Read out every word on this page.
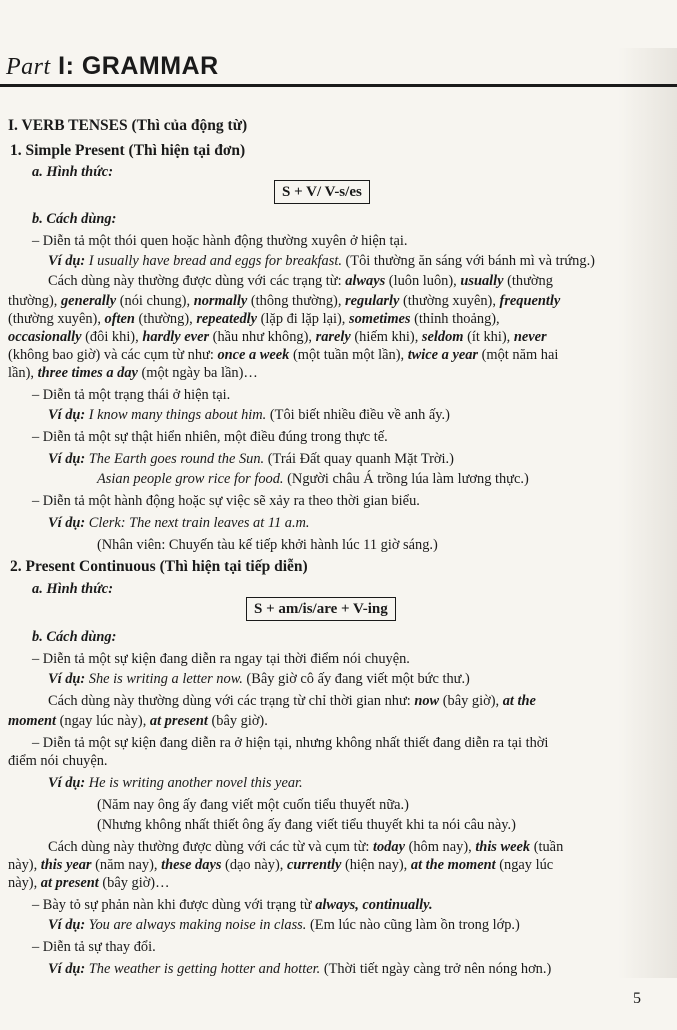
Part I: GRAMMAR
I. VERB TENSES (Thì của động từ)
1. Simple Present (Thì hiện tại đơn)
a. Hình thức:
b. Cách dùng:
– Diễn tả một thói quen hoặc hành động thường xuyên ở hiện tại.
Ví dụ: I usually have bread and eggs for breakfast. (Tôi thường ăn sáng với bánh mì và trứng.)
Cách dùng này thường được dùng với các trạng từ: always (luôn luôn), usually (thường
thường), generally (nói chung), normally (thông thường), regularly (thường xuyên), frequently
(thường xuyên), often (thường), repeatedly (lặp đi lặp lại), sometimes (thỉnh thoảng),
occasionally (đôi khi), hardly ever (hầu như không), rarely (hiếm khi), seldom (ít khi), never
(không bao giờ) và các cụm từ như: once a week (một tuần một lần), twice a year (một năm hai
lần), three times a day (một ngày ba lần)…
– Diễn tả một trạng thái ở hiện tại.
Ví dụ: I know many things about him. (Tôi biết nhiều điều về anh ấy.)
– Diễn tả một sự thật hiển nhiên, một điều đúng trong thực tế.
Ví dụ: The Earth goes round the Sun. (Trái Đất quay quanh Mặt Trời.)
Asian people grow rice for food. (Người châu Á trồng lúa làm lương thực.)
– Diễn tả một hành động hoặc sự việc sẽ xảy ra theo thời gian biểu.
Ví dụ: Clerk: The next train leaves at 11 a.m.
(Nhân viên: Chuyến tàu kế tiếp khởi hành lúc 11 giờ sáng.)
2. Present Continuous (Thì hiện tại tiếp diễn)
a. Hình thức:
b. Cách dùng:
– Diễn tả một sự kiện đang diễn ra ngay tại thời điểm nói chuyện.
Ví dụ: She is writing a letter now. (Bây giờ cô ấy đang viết một bức thư.)
Cách dùng này thường dùng với các trạng từ chỉ thời gian như: now (bây giờ), at the
moment (ngay lúc này), at present (bây giờ).
– Diễn tả một sự kiện đang diễn ra ở hiện tại, nhưng không nhất thiết đang diễn ra tại thời
điểm nói chuyện.
Ví dụ: He is writing another novel this year.
(Năm nay ông ấy đang viết một cuốn tiểu thuyết nữa.)
(Nhưng không nhất thiết ông ấy đang viết tiểu thuyết khi ta nói câu này.)
Cách dùng này thường được dùng với các từ và cụm từ: today (hôm nay), this week (tuần
này), this year (năm nay), these days (dạo này), currently (hiện nay), at the moment (ngay lúc
này), at present (bây giờ)…
– Bày tỏ sự phản nàn khi được dùng với trạng từ always, continually.
Ví dụ: You are always making noise in class. (Em lúc nào cũng làm ồn trong lớp.)
– Diễn tả sự thay đổi.
Ví dụ: The weather is getting hotter and hotter. (Thời tiết ngày càng trở nên nóng hơn.)
S + V/ V-s/es
S + am/is/are + V-ing
5
